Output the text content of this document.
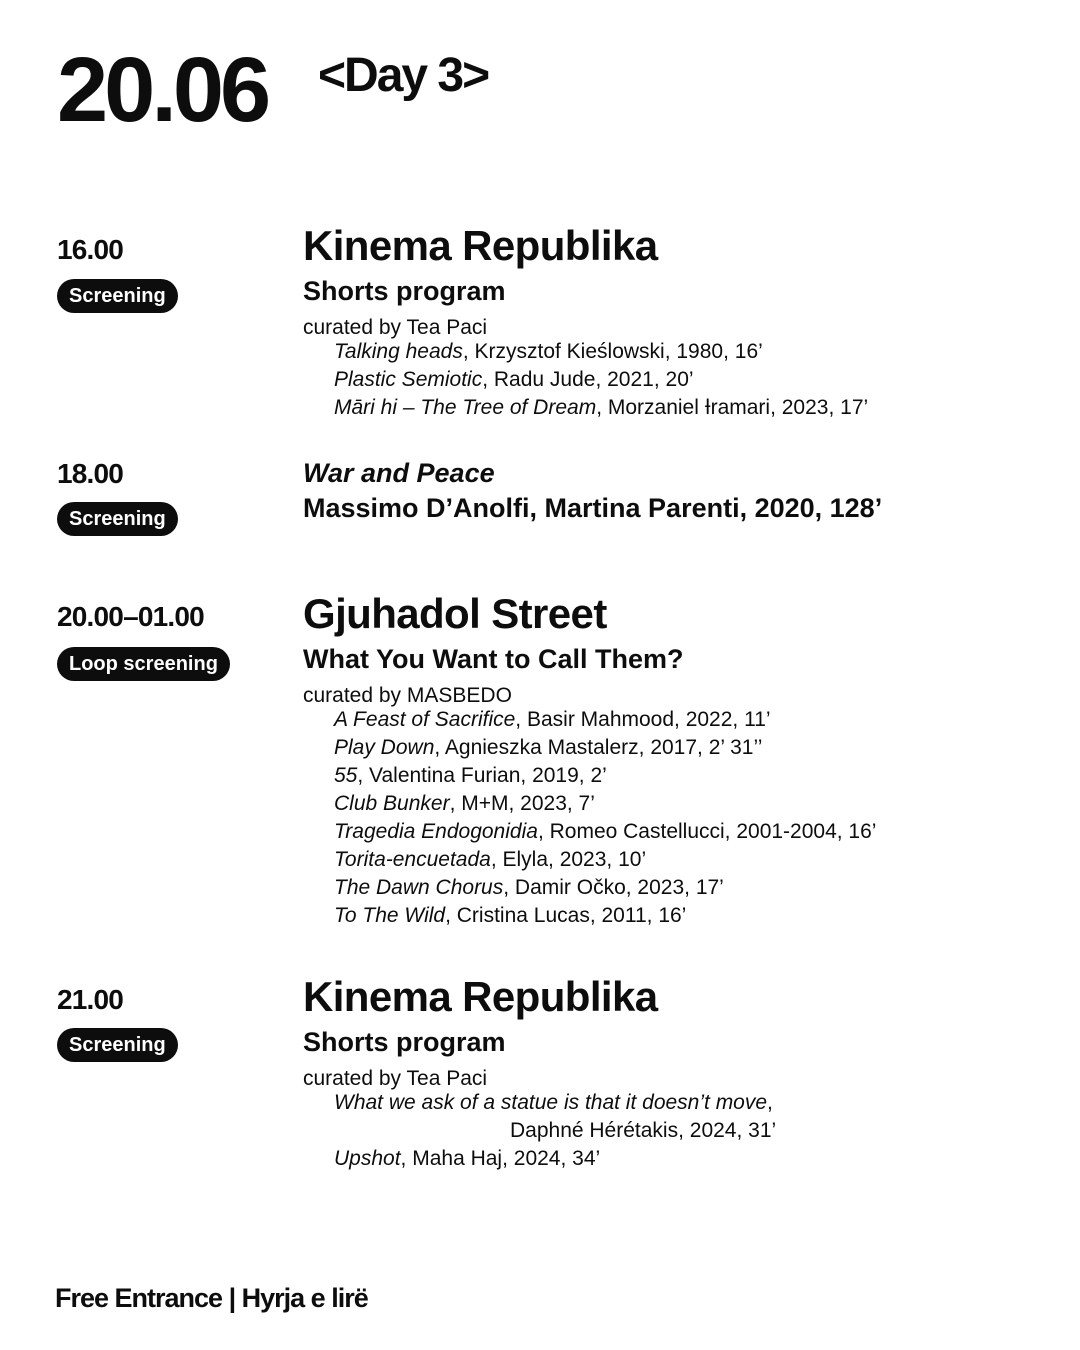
20.06 <Day 3>
16.00
Screening
Kinema Republika
Shorts program
curated by Tea Paci
Talking heads, Krzysztof Kieślowski, 1980, 16’
Plastic Semiotic, Radu Jude, 2021, 20’
Māri hi – The Tree of Dream, Morzaniel Ɨramari, 2023, 17’
18.00
Screening
War and Peace
Massimo D’Anolfi, Martina Parenti, 2020, 128’
20.00–01.00
Loop screening
Gjuhadol Street
What You Want to Call Them?
curated by MASBEDO
A Feast of Sacrifice, Basir Mahmood, 2022, 11’
Play Down, Agnieszka Mastalerz, 2017, 2’ 31’’
55, Valentina Furian, 2019, 2’
Club Bunker, M+M, 2023, 7’
Tragedia Endogonidia, Romeo Castellucci, 2001-2004, 16’
Torita-encuetada, Elyla, 2023, 10’
The Dawn Chorus, Damir Očko, 2023, 17’
To The Wild, Cristina Lucas, 2011, 16’
21.00
Screening
Kinema Republika
Shorts program
curated by Tea Paci
What we ask of a statue is that it doesn’t move,
Daphné Hérétakis, 2024, 31’
Upshot, Maha Haj, 2024, 34’
Free Entrance | Hyrja e lirë
